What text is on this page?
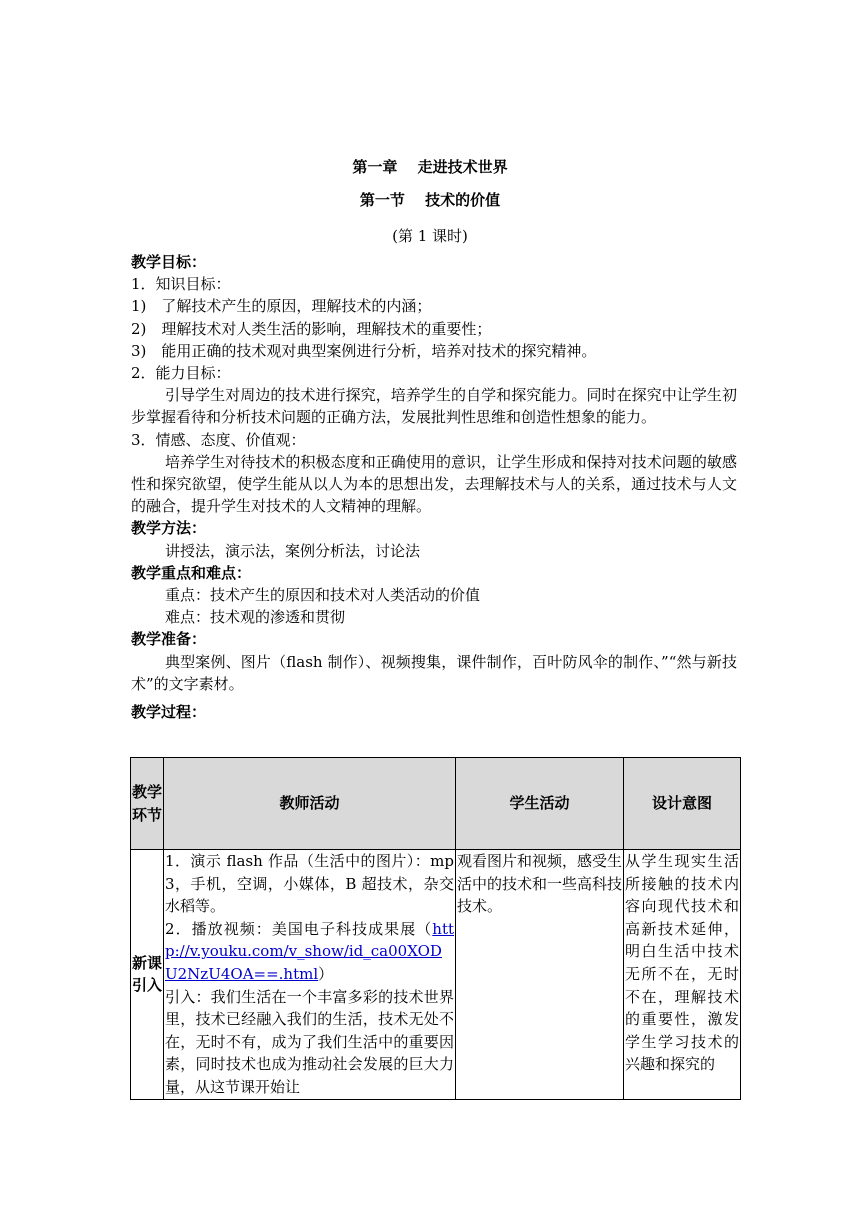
第一章　 走进技术世界
第一节　 技术的价值
(第 1 课时)

教学目标：

1．知识目标：

1)　了解技术产生的原因，理解技术的内涵；

2)　理解技术对人类生活的影响，理解技术的重要性；

3)　能用正确的技术观对典型案例进行分析，培养对技术的探究精神。

2．能力目标：

引导学生对周边的技术进行探究，培养学生的自学和探究能力。同时在探究中让学生初步掌握看待和分析技术问题的正确方法，发展批判性思维和创造性想象的能力。

3．情感、态度、价值观：

培养学生对待技术的积极态度和正确使用的意识，让学生形成和保持对技术问题的敏感性和探究欲望，使学生能从以人为本的思想出发，去理解技术与人的关系，通过技术与人文的融合，提升学生对技术的人文精神的理解。

教学方法：

讲授法，演示法，案例分析法，讨论法

教学重点和难点：

重点：技术产生的原因和技术对人类活动的价值

难点：技术观的渗透和贯彻

教学准备：

典型案例、图片（flash 制作）、视频搜集，课件制作，百叶防风伞的制作、”“然与新技术”的文字素材。

教学过程：

教学环节	教师活动	学生活动	设计意图
新课引入	1．演示 flash 作品（生活中的图片）：mp3，手机，空调，小媒体，B 超技术，杂交水稻等。
2．播放视频：美国电子科技成果展（http://v.youku.com/v_show/id_ca00XODU2NzU4OA==.html）
引入：我们生活在一个丰富多彩的技术世界里，技术已经融入我们的生活，技术无处不在，无时不有，成为了我们生活中的重要因素，同时技术也成为推动社会发展的巨大力量，从这节课开始让	观看图片和视频，感受生活中的技术和一些高科技技术。	从学生现实生活所接触的技术内容向现代技术和高新技术延伸，明白生活中技术无所不在，无时不在，理解技术的重要性，激发学生学习技术的兴趣和探究的
